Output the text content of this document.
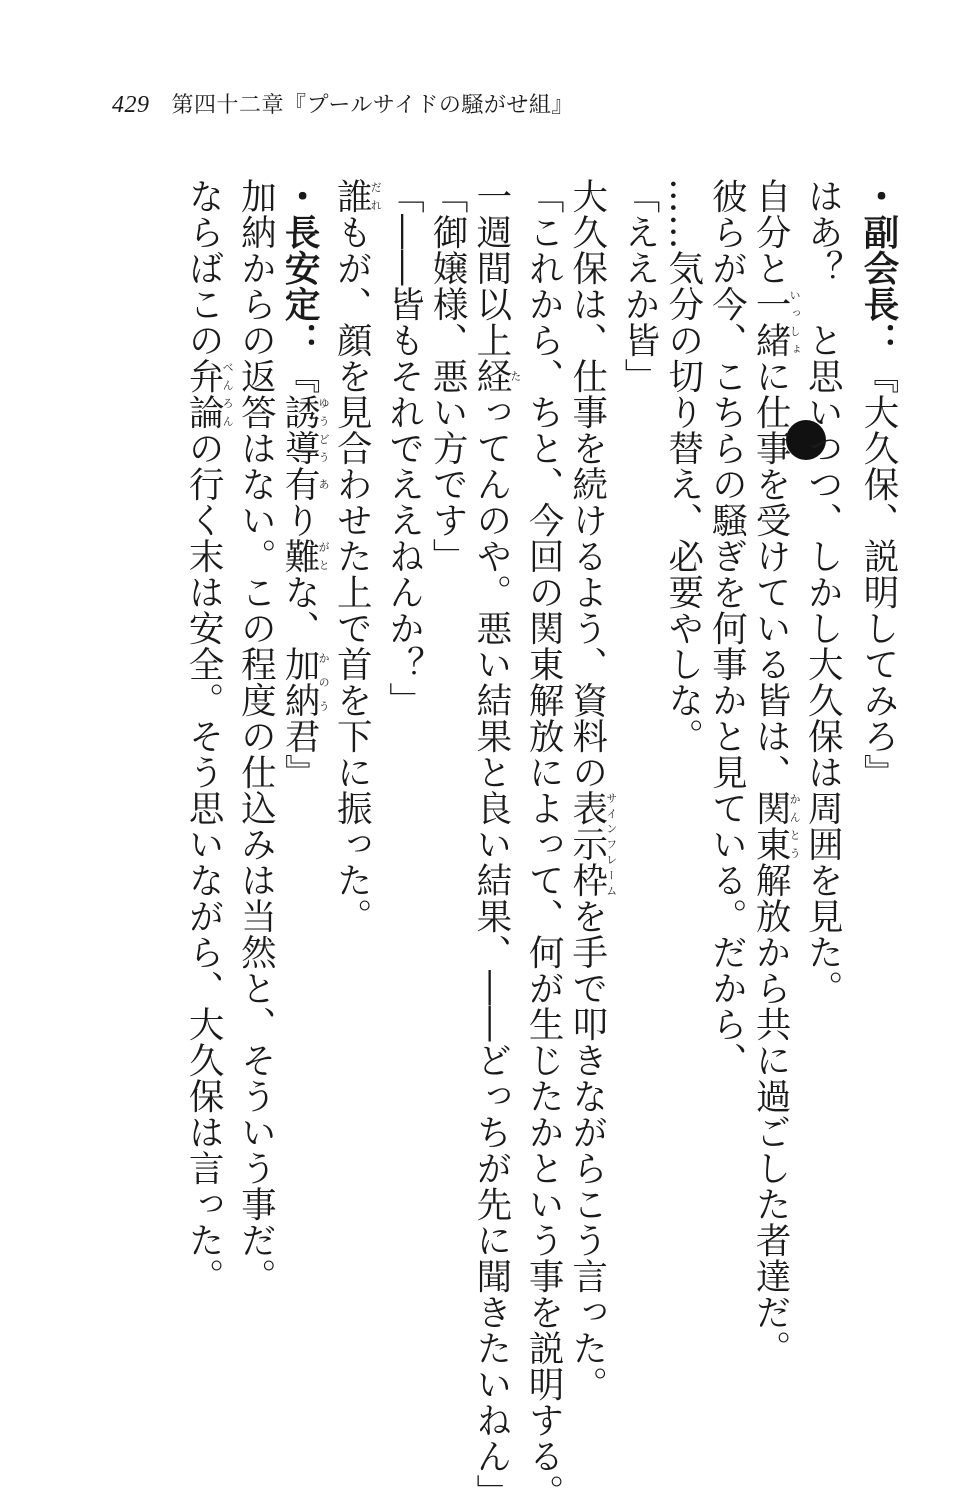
429 第四十二章『プールサイドの騒がせ組』

・副会長：『大久保、説明してみろ』

はあ？　と思いつつ、しかし大久保は周囲を見た。

自分と一緒いっしょに仕事を受けている皆は、関東かんとう解放から共に過ごした者達だ。

彼らが今、こちらの騒ぎを何事かと見ている。だから、

……気分の切り替え、必要やしな。

「ええか皆」

大久保は、仕事を続けるよう、資料の表示枠サインフレームを手で叩きながらこう言った。

「これから、ちと、今回の関東解放によって、何が生じたかという事を説明する。

一週間以上経たってんのや。悪い結果と良い結果、――どっちが先に聞きたいねん」

「御嬢様、悪い方です」

「――皆もそれでええねんか？」

誰だれもが、顔を見合わせた上で首を下に振った。

・長安定：『誘導ゆうどう有あり難がとな、加納かのう君』

加納からの返答はない。この程度の仕込みは当然と、そういう事だ。

ならばこの弁論べんろんの行く末は安全。そう思いながら、大久保は言った。
